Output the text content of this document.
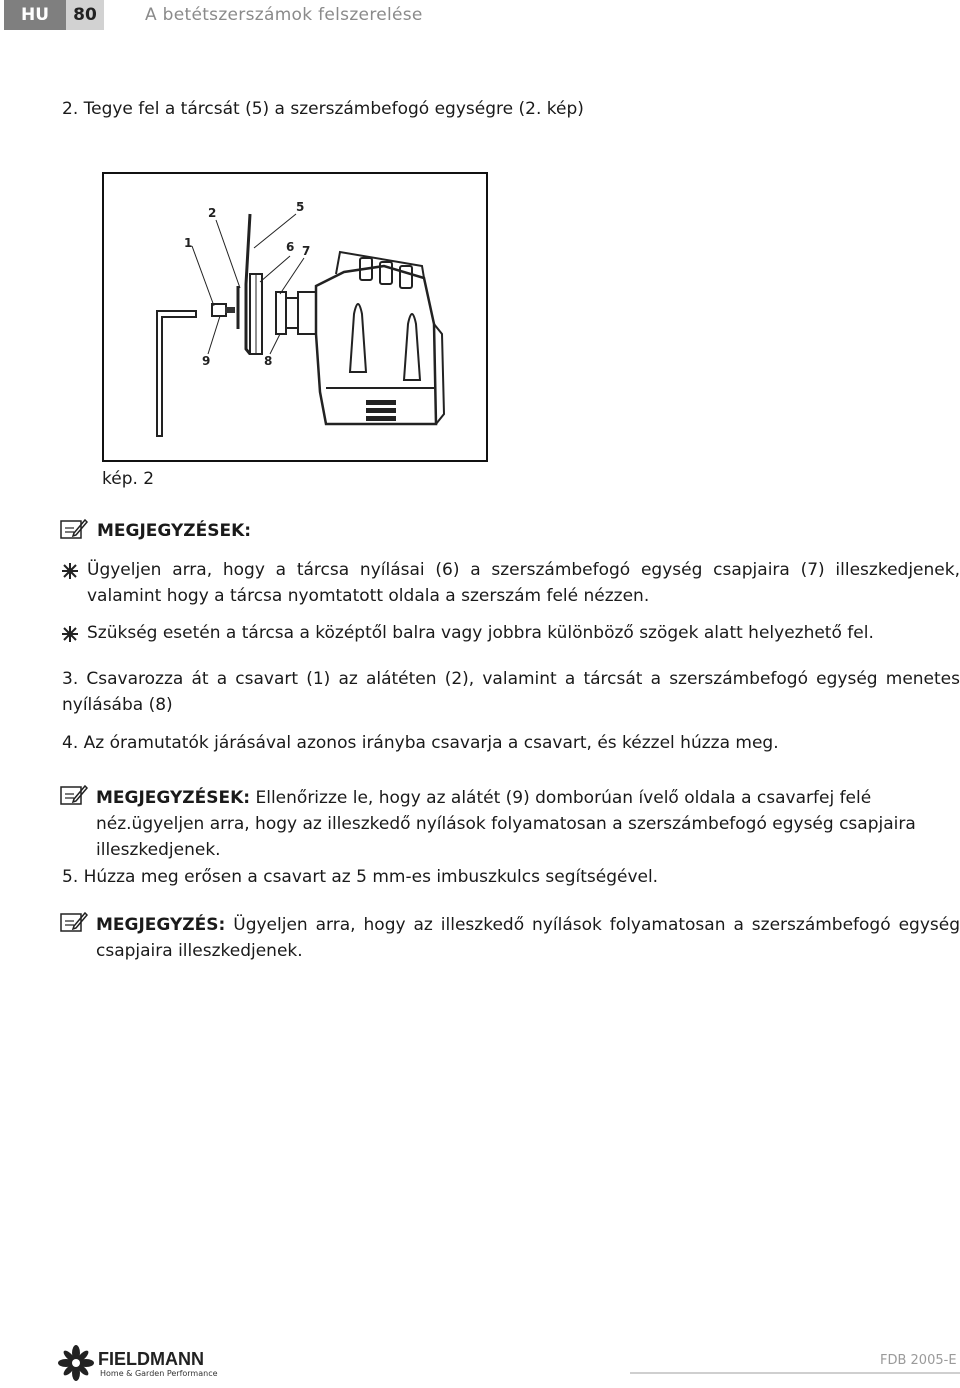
HU	80	A betétszerszámok felszerelése
2. Tegye fel a tárcsát (5) a szerszámbefogó egységre (2. kép)
1
2	5
6 7
9	8
kép. 2
MEGJEGYZÉSEK:
Ügyeljen arra, hogy a tárcsa nyílásai (6) a szerszámbefogó egység csapjaira (7) illeszkedjenek, valamint hogy a tárcsa nyomtatott oldala a szerszám felé nézzen.
Szükség esetén a tárcsa a középtől balra vagy jobbra különböző szögek alatt helyezhető fel.
3. Csavarozza át a csavart (1) az alátéten (2), valamint a tárcsát a szerszámbefogó egység menetes nyílásába (8)
4. Az óramutatók járásával azonos irányba csavarja a csavart, és kézzel húzza meg.
MEGJEGYZÉSEK: Ellenőrizze le, hogy az alátét (9) domborúan ívelő oldala a csavarfej felé néz.ügyeljen arra, hogy az illeszkedő nyílások folyamatosan a szerszámbefogó egység csapjaira illeszkedjenek.
5. Húzza meg erősen a csavart az 5 mm-es imbuszkulcs segítségével.
MEGJEGYZÉS: Ügyeljen arra, hogy az illeszkedő nyílások folyamatosan a szerszámbefogó egység csapjaira illeszkedjenek.
FIELDMANN
Home & Garden Performance
FDB 2005-E
